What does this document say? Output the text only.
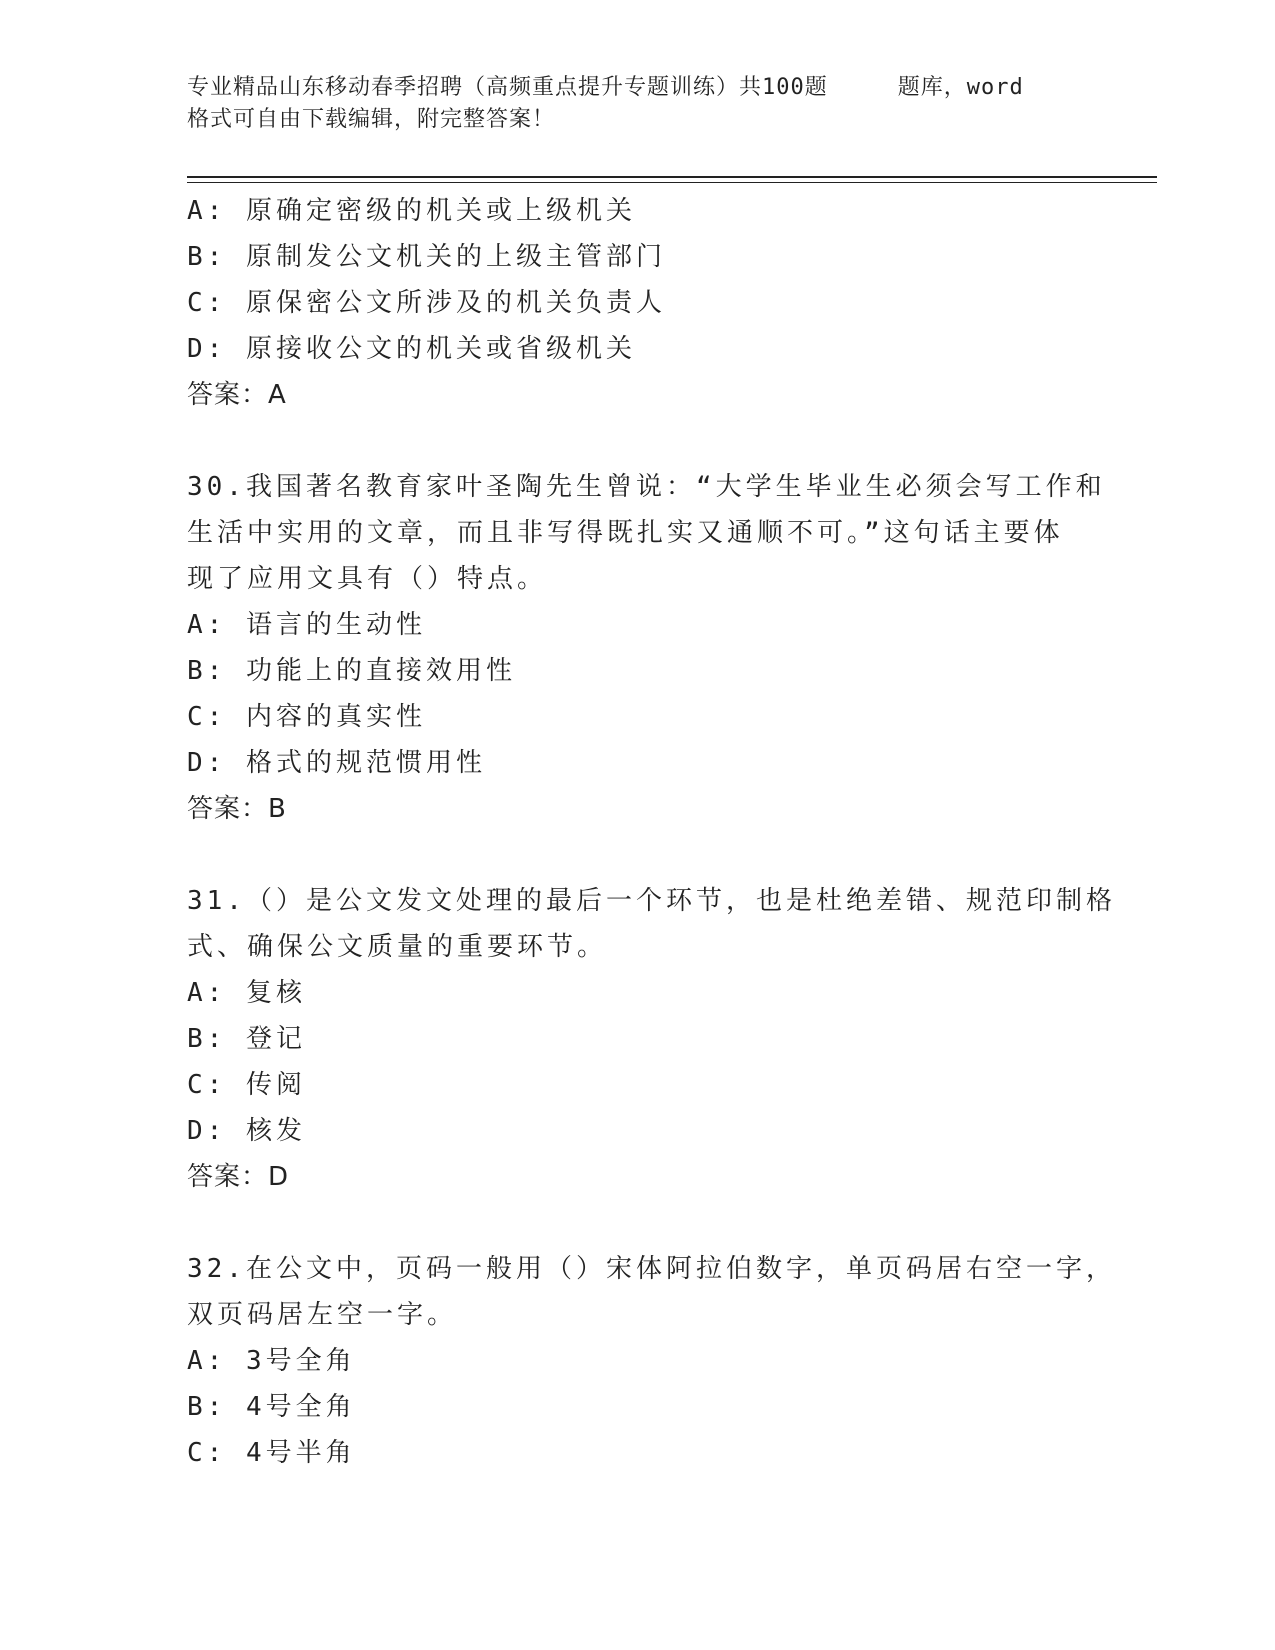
专业精品山东移动春季招聘（高频重点提升专题训练）共100题	题库，word
格式可自由下载编辑，附完整答案！
A: 原确定密级的机关或上级机关
B: 原制发公文机关的上级主管部门
C: 原保密公文所涉及的机关负责人
D: 原接收公文的机关或省级机关
答案：A
30.我国著名教育家叶圣陶先生曾说：“大学生毕业生必须会写工作和
生活中实用的文章，而且非写得既扎实又通顺不可。”这句话主要体
现了应用文具有（）特点。
A: 语言的生动性
B: 功能上的直接效用性
C: 内容的真实性
D: 格式的规范惯用性
答案：B
31.（）是公文发文处理的最后一个环节，也是杜绝差错、规范印制格
式、确保公文质量的重要环节。
A: 复核
B: 登记
C: 传阅
D: 核发
答案：D
32.在公文中，页码一般用（）宋体阿拉伯数字，单页码居右空一字，
双页码居左空一字。
A: 3号全角
B: 4号全角
C: 4号半角
